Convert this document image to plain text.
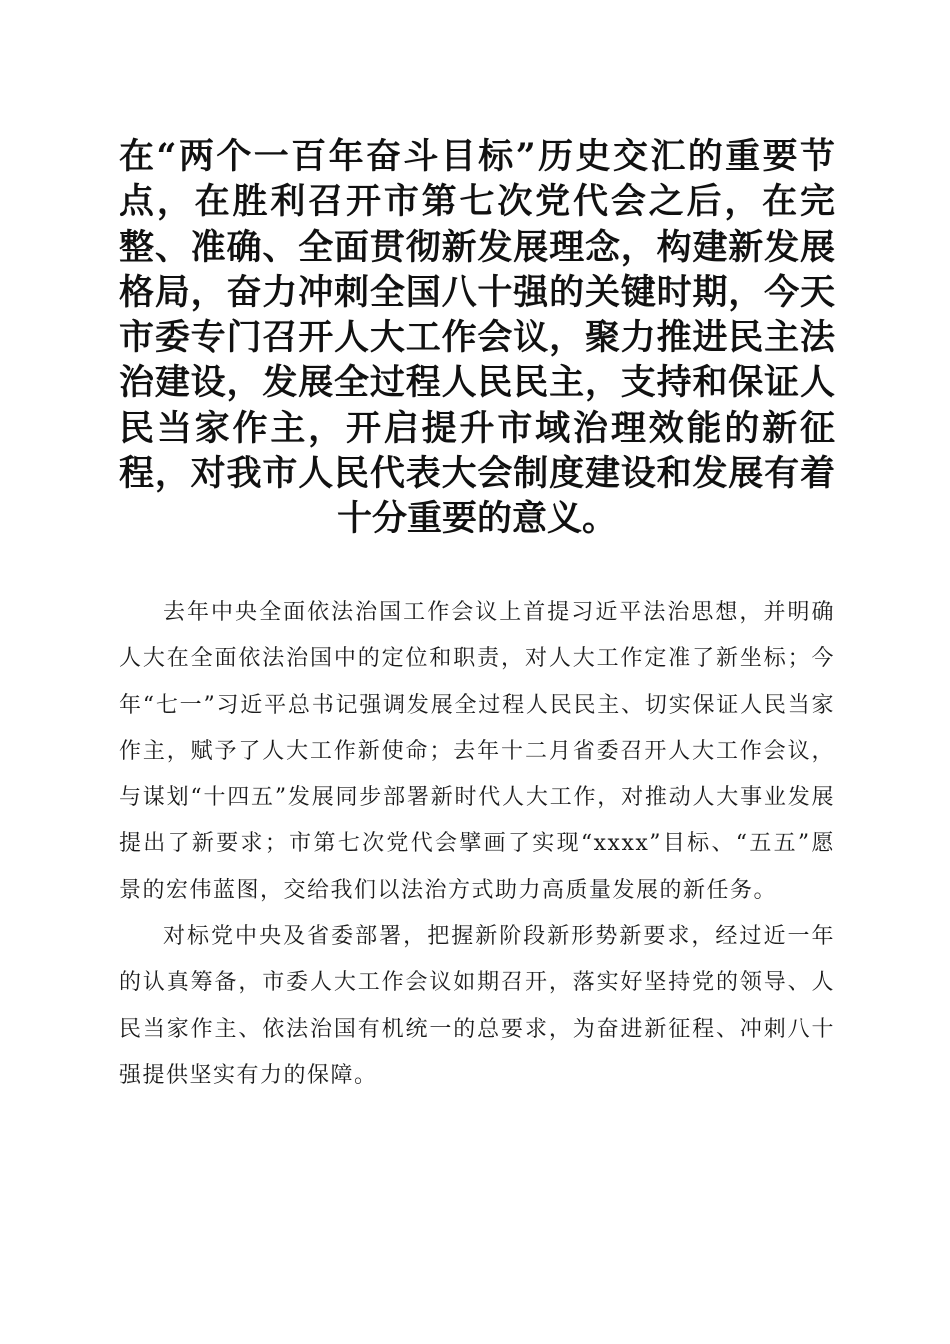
在“两个一百年奋斗目标”历史交汇的重要节点，在胜利召开市第七次党代会之后，在完整、准确、全面贯彻新发展理念，构建新发展格局，奋力冲刺全国八十强的关键时期，今天市委专门召开人大工作会议，聚力推进民主法治建设，发展全过程人民民主，支持和保证人民当家作主，开启提升市域治理效能的新征程，对我市人民代表大会制度建设和发展有着十分重要的意义。

去年中央全面依法治国工作会议上首提习近平法治思想，并明确人大在全面依法治国中的定位和职责，对人大工作定准了新坐标；今年“七一”习近平总书记强调发展全过程人民民主、切实保证人民当家作主，赋予了人大工作新使命；去年十二月省委召开人大工作会议，与谋划“十四五”发展同步部署新时代人大工作，对推动人大事业发展提出了新要求；市第七次党代会擘画了实现“xxxx”目标、“五五”愿景的宏伟蓝图，交给我们以法治方式助力高质量发展的新任务。

对标党中央及省委部署，把握新阶段新形势新要求，经过近一年的认真筹备，市委人大工作会议如期召开，落实好坚持党的领导、人民当家作主、依法治国有机统一的总要求，为奋进新征程、冲刺八十强提供坚实有力的保障。
